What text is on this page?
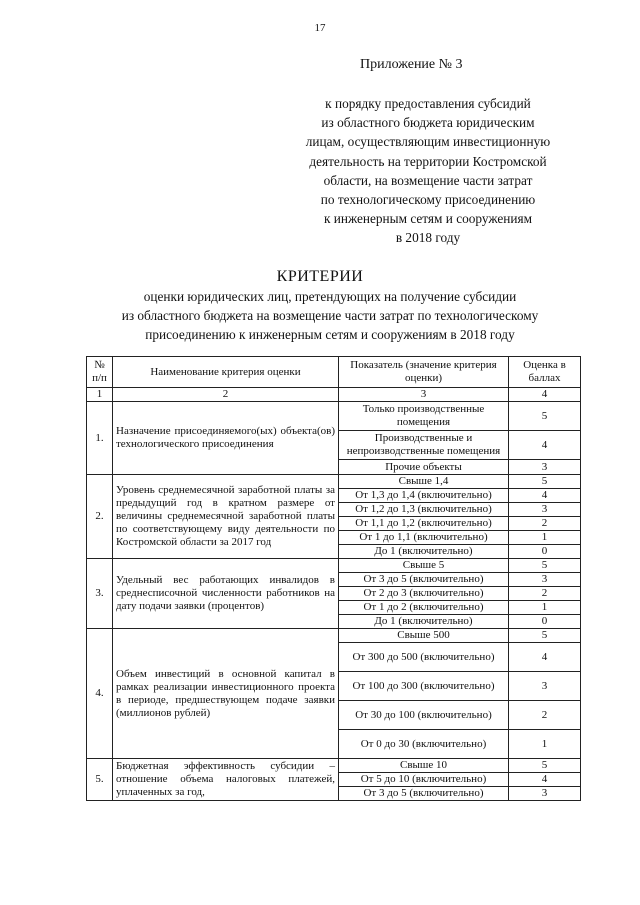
17
Приложение № 3
к порядку предоставления субсидий
из областного бюджета юридическим
лицам, осуществляющим инвестиционную
деятельность на территории Костромской
области, на возмещение части затрат
по технологическому присоединению
к инженерным сетям и сооружениям
в 2018 году
КРИТЕРИИ
оценки юридических лиц, претендующих на получение субсидии
из областного бюджета на возмещение части затрат по технологическому
присоединению к инженерным сетям и сооружениям в 2018 году
№ п/п	Наименование критерия оценки	Показатель (значение критерия оценки)	Оценка в баллах
1	2	3	4
1.	Назначение присоединяемого(ых) объекта(ов) технологического присоединения	Только производственные помещения	5
		Производственные и непроизводственные помещения	4
		Прочие объекты	3
2.	Уровень среднемесячной заработной платы за предыдущий год в кратном размере от величины среднемесячной заработной платы по соответствующему виду деятельности по Костромской области за 2017 год	Свыше 1,4	5
		От 1,3 до 1,4 (включительно)	4
		От 1,2 до 1,3 (включительно)	3
		От 1,1 до 1,2 (включительно)	2
		От 1 до 1,1 (включительно)	1
		До 1 (включительно)	0
3.	Удельный вес работающих инвалидов в среднесписочной численности работников на дату подачи заявки (процентов)	Свыше 5	5
		От 3 до 5 (включительно)	3
		От 2 до 3 (включительно)	2
		От 1 до 2 (включительно)	1
		До 1 (включительно)	0
4.	Объем инвестиций в основной капитал в рамках реализации инвестиционного проекта в периоде, предшествующем подаче заявки (миллионов рублей)	Свыше 500	5
		От 300 до 500 (включительно)	4
		От 100 до 300 (включительно)	3
		От 30 до 100 (включительно)	2
		От 0 до 30 (включительно)	1
5.	Бюджетная эффективность субсидии – отношение объема налоговых платежей, уплаченных за год,	Свыше 10	5
		От 5 до 10 (включительно)	4
		От 3 до 5 (включительно)	3
